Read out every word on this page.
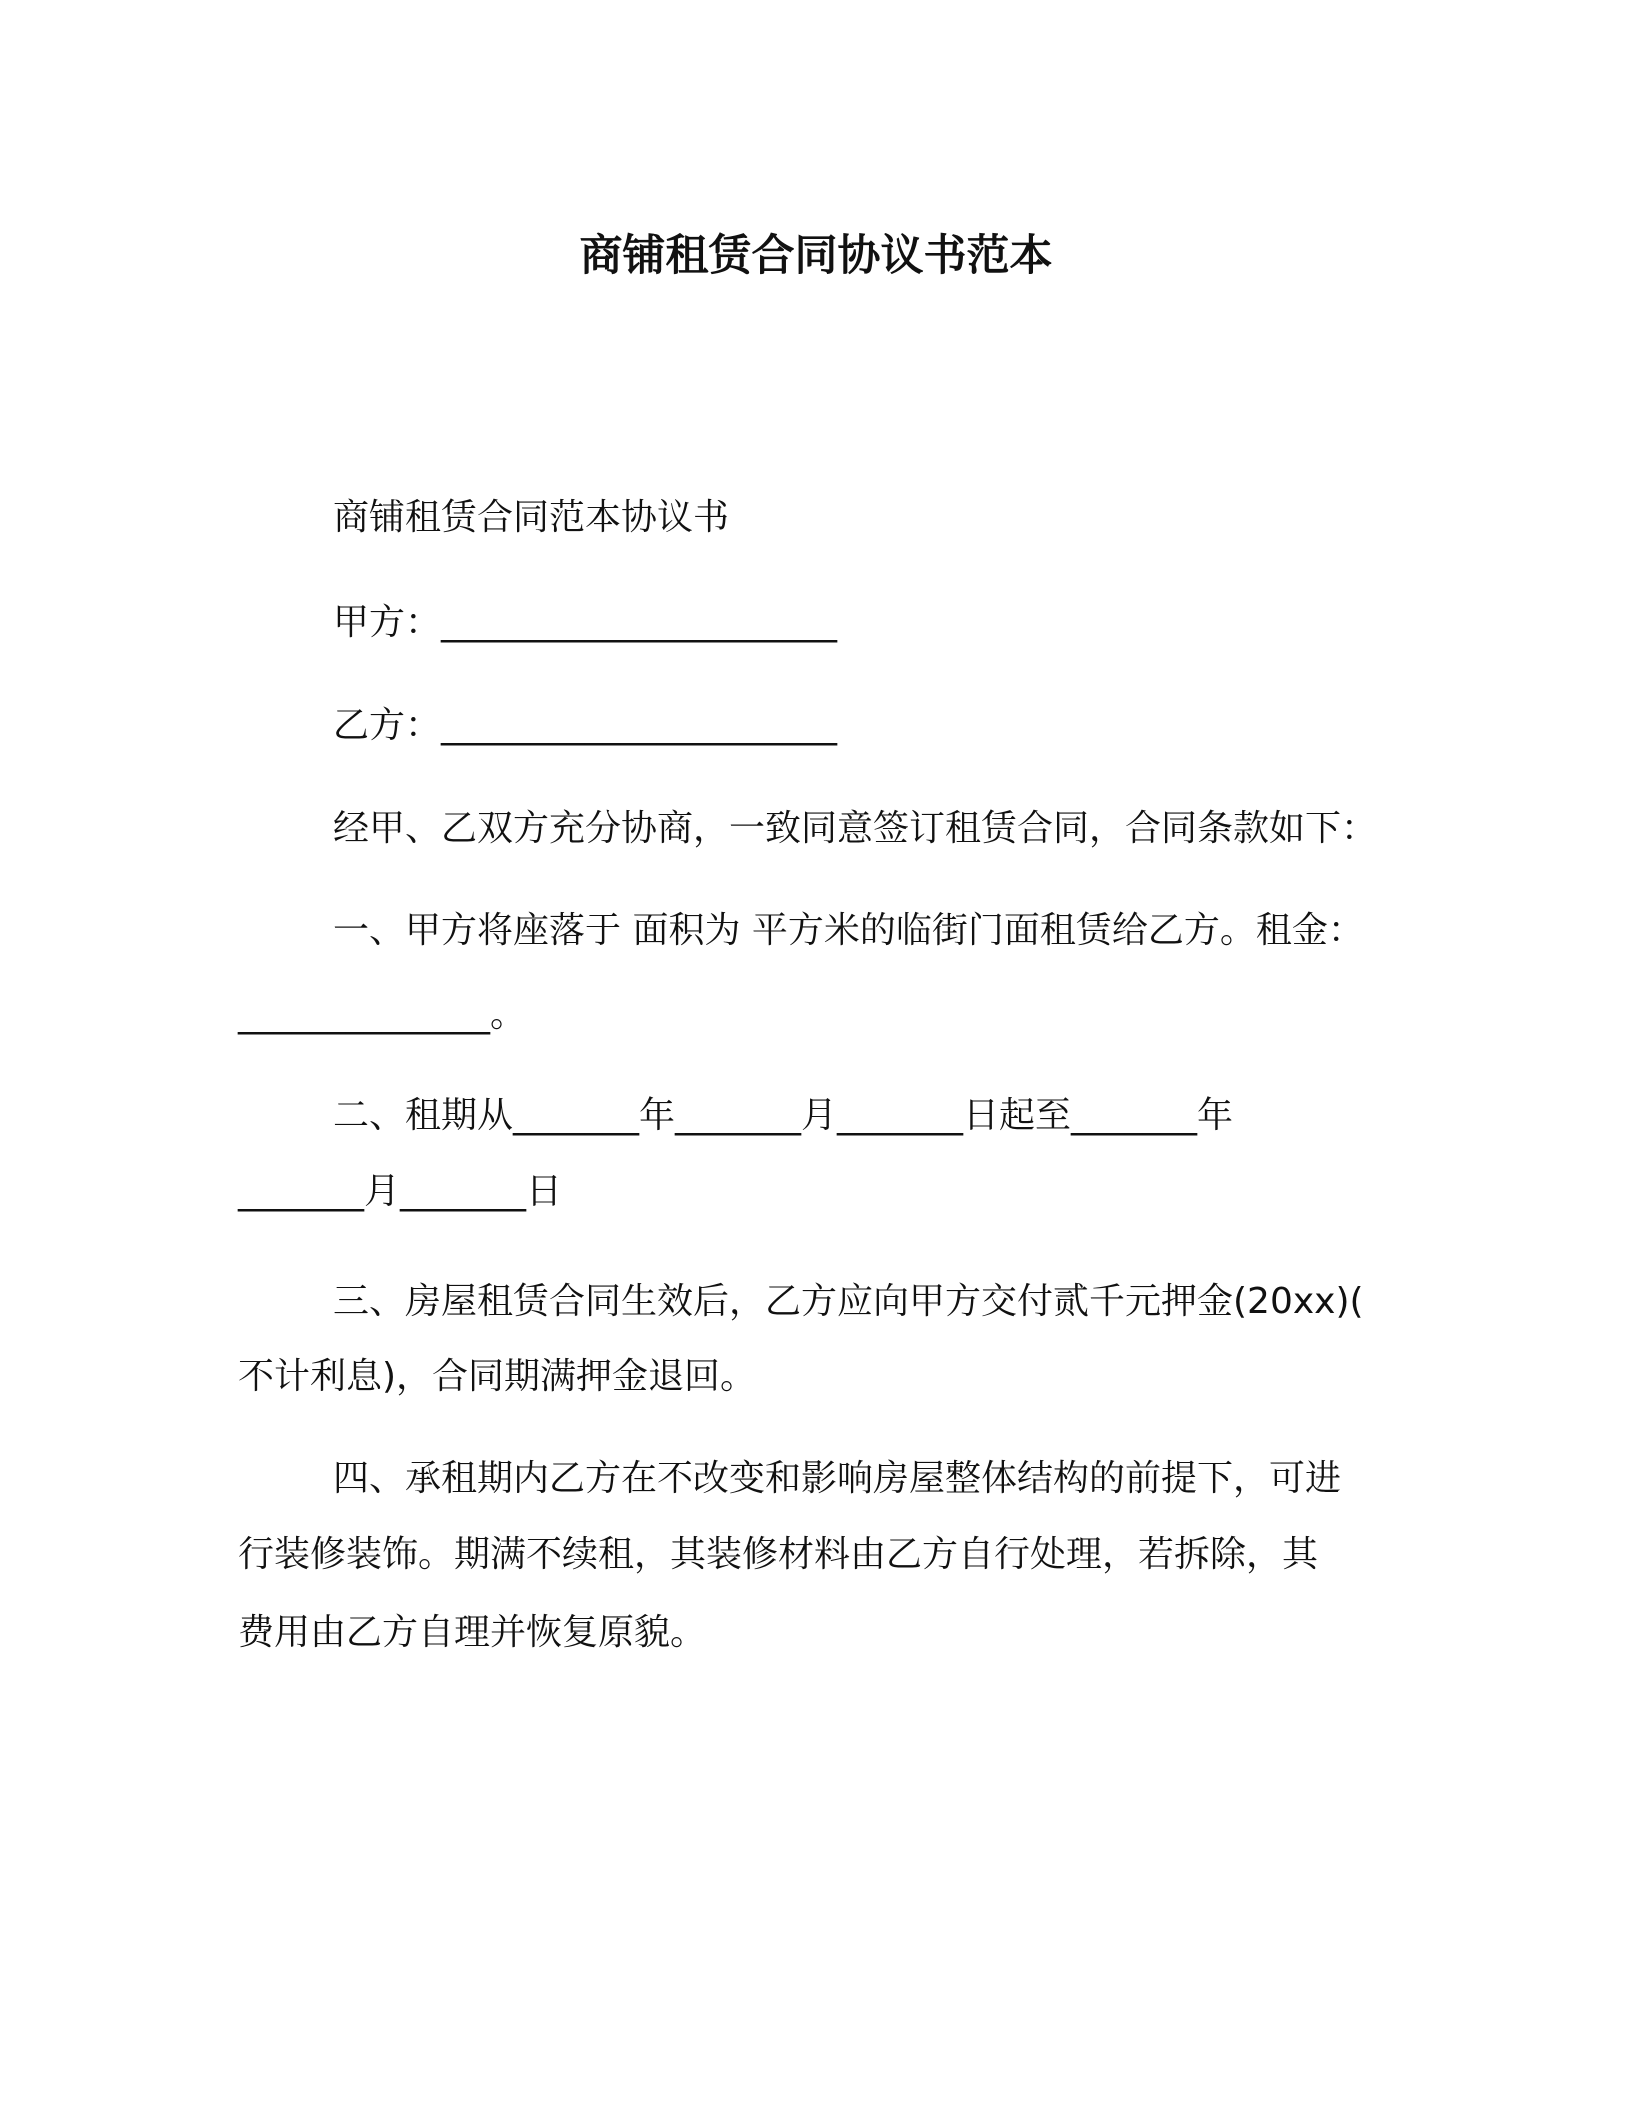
商铺租赁合同协议书范本
商铺租赁合同范本协议书
甲方：______________________
乙方：______________________
经甲、乙双方充分协商，一致同意签订租赁合同，合同条款如下：
一、甲方将座落于 面积为 平方米的临街门面租赁给乙方。租金：
______________。
二、租期从_______年_______月_______日起至_______年
_______月_______日
三、房屋租赁合同生效后，乙方应向甲方交付贰千元押金(20xx)(
不计利息)，合同期满押金退回。
四、承租期内乙方在不改变和影响房屋整体结构的前提下，可进
行装修装饰。期满不续租，其装修材料由乙方自行处理，若拆除，其
费用由乙方自理并恢复原貌。
